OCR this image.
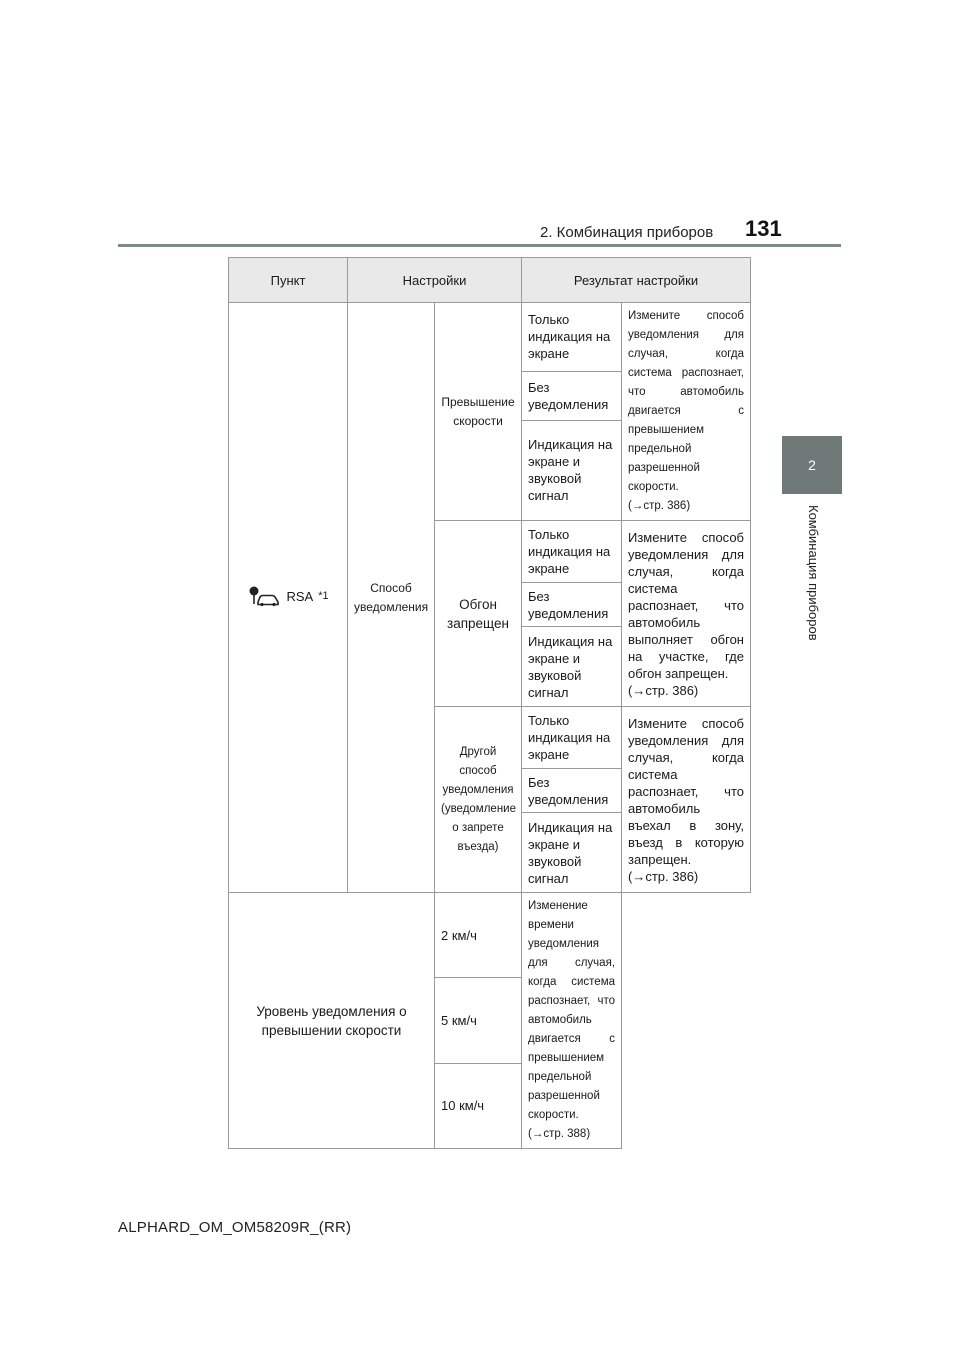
2. Комбинация приборов 131
2
Комбинация приборов
Пункт	Настройки		Результат настройки	

RSA *1	Способ уведомления	Превышение скорости	Только индикация на экране	Измените способ уведомления для случая, когда система распознает, что автомобиль двигается с превышением предельной разрешенной скорости.
(→стр. 386)
			Без уведомления	
			Индикация на экране и звуковой сигнал	
		Обгон запрещен	Только индикация на экране	Измените способ уведомления для случая, когда система распознает, что автомобиль выполняет обгон на участке, где обгон запрещен.
(→стр. 386)
			Без уведомления	
			Индикация на экране и звуковой сигнал	
		Другой способ уведомления (уведомление о запрете въезда)	Только индикация на экране	Измените способ уведомления для случая, когда система распознает, что автомобиль въехал в зону, въезд в которую запрещен.
(→стр. 386)
			Без уведомления	
			Индикация на экране и звуковой сигнал	
Уровень уведомления о превышении скорости		2 км/ч	Изменение времени уведомления для случая, когда система распознает, что автомобиль двигается с превышением предельной разрешенной скорости.
(→стр. 388)	
		5 км/ч		
		10 км/ч		
ALPHARD_OM_OM58209R_(RR)
